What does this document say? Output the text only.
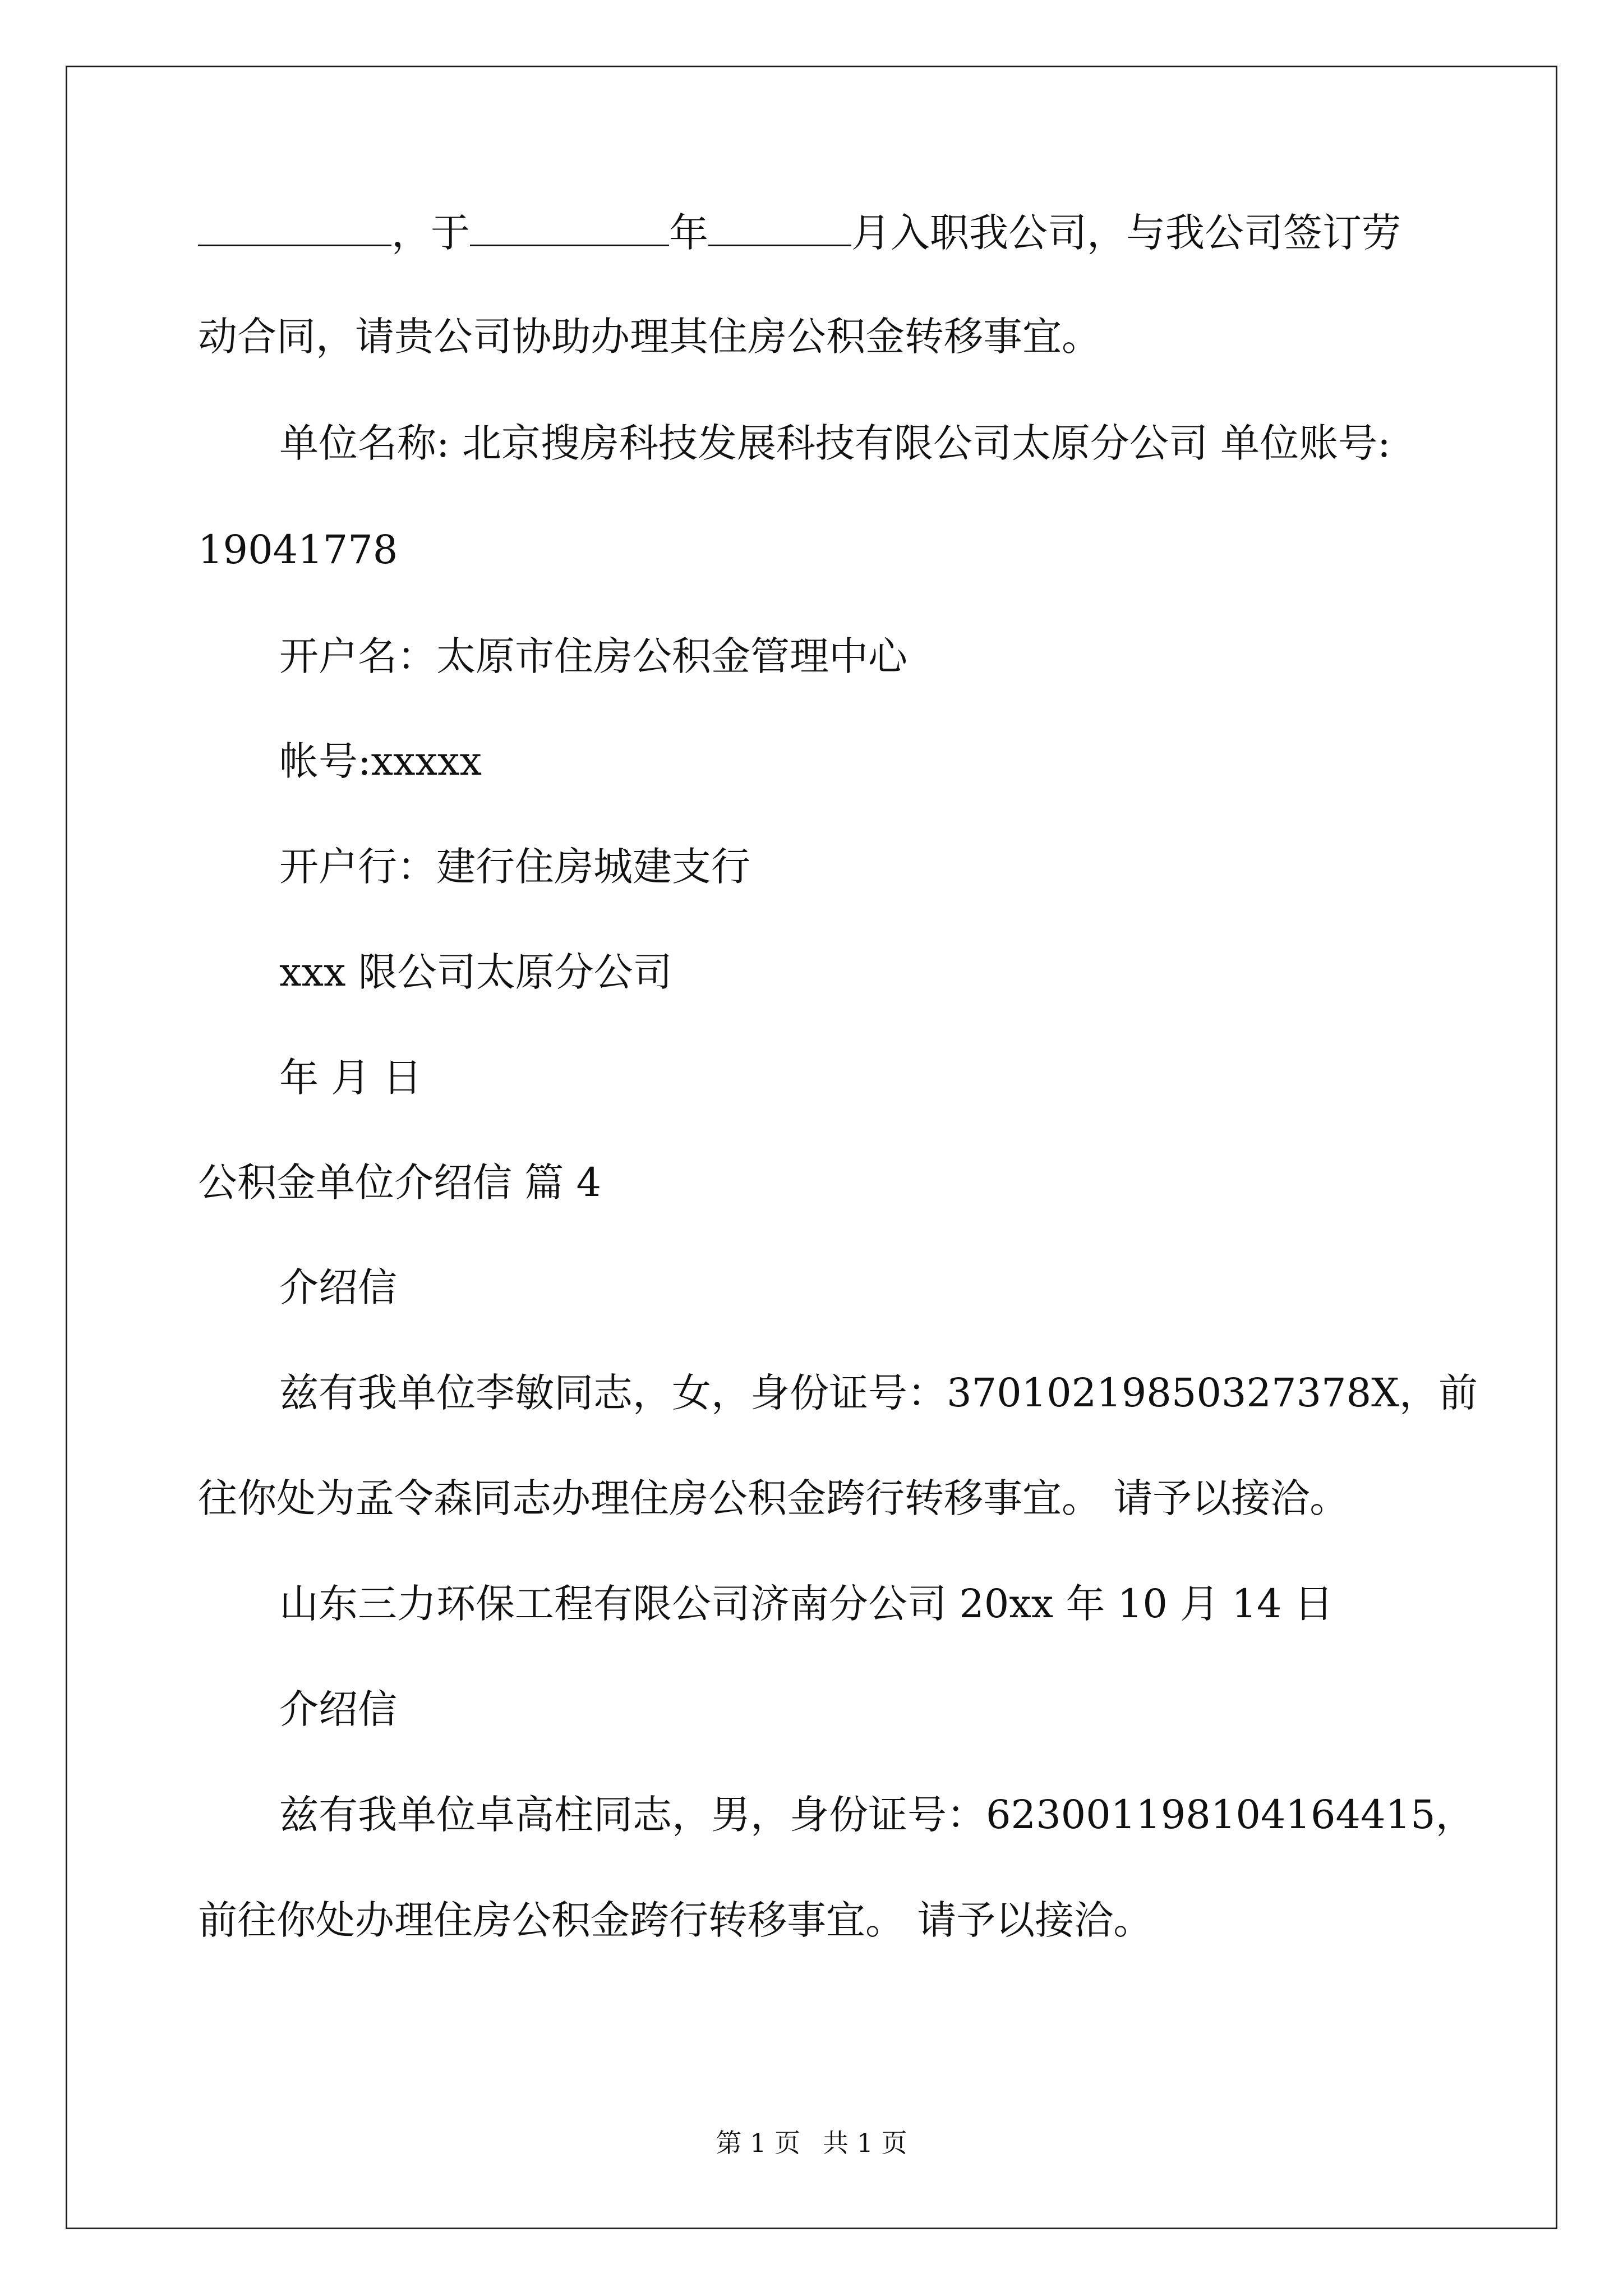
，于	年	月入职我公司，与我公司签订劳
动合同，请贵公司协助办理其住房公积金转移事宜。
单位名称: 北京搜房科技发展科技有限公司太原分公司 单位账号:
19041778
开户名：太原市住房公积金管理中心
帐号:xxxxx
开户行：建行住房城建支行
xxx 限公司太原分公司
年 月 日
公积金单位介绍信 篇 4
介绍信
兹有我单位李敏同志，女，身份证号：37010219850327378X，前
往你处为孟令森同志办理住房公积金跨行转移事宜。 请予以接洽。
山东三力环保工程有限公司济南分公司 20xx 年 10 月 14 日
介绍信
兹有我单位卓高柱同志，男，身份证号：623001198104164415，
前往你处办理住房公积金跨行转移事宜。 请予以接洽。
第 1 页 共 1 页
